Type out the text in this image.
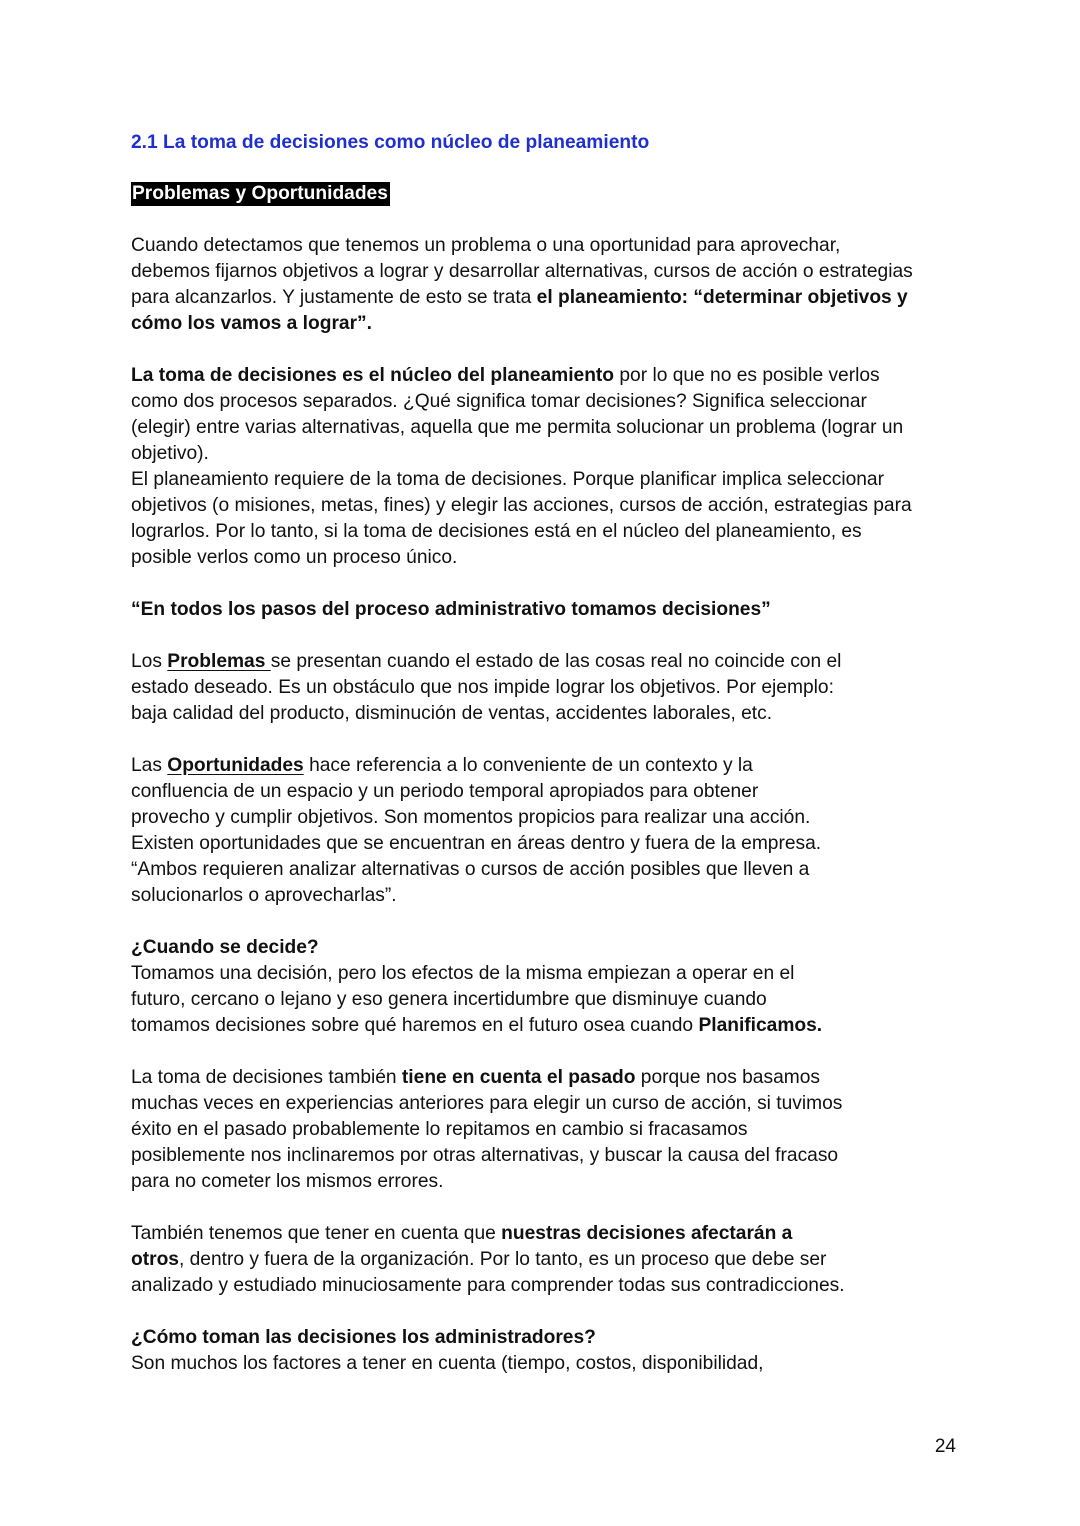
2.1 La toma de decisiones como núcleo de planeamiento
Problemas y Oportunidades

Cuando detectamos que tenemos un problema o una oportunidad para aprovechar,

debemos fijarnos objetivos a lograr y desarrollar alternativas, cursos de acción o estrategias

para alcanzarlos. Y justamente de esto se trata el planeamiento: “determinar objetivos y

cómo los vamos a lograr”.

La toma de decisiones es el núcleo del planeamiento por lo que no es posible verlos

como dos procesos separados. ¿Qué significa tomar decisiones? Significa seleccionar

(elegir) entre varias alternativas, aquella que me permita solucionar un problema (lograr un

objetivo).

El planeamiento requiere de la toma de decisiones. Porque planificar implica seleccionar

objetivos (o misiones, metas, fines) y elegir las acciones, cursos de acción, estrategias para

lograrlos. Por lo tanto, si la toma de decisiones está en el núcleo del planeamiento, es

posible verlos como un proceso único.

“En todos los pasos del proceso administrativo tomamos decisiones”

Los Problemas se presentan cuando el estado de las cosas real no coincide con el

estado deseado. Es un obstáculo que nos impide lograr los objetivos. Por ejemplo:

baja calidad del producto, disminución de ventas, accidentes laborales, etc.

Las Oportunidades hace referencia a lo conveniente de un contexto y la

confluencia de un espacio y un periodo temporal apropiados para obtener

provecho y cumplir objetivos. Son momentos propicios para realizar una acción.

Existen oportunidades que se encuentran en áreas dentro y fuera de la empresa.

“Ambos requieren analizar alternativas o cursos de acción posibles que lleven a

solucionarlos o aprovecharlas”.

¿Cuando se decide?

Tomamos una decisión, pero los efectos de la misma empiezan a operar en el

futuro, cercano o lejano y eso genera incertidumbre que disminuye cuando

tomamos decisiones sobre qué haremos en el futuro osea cuando Planificamos.

La toma de decisiones también tiene en cuenta el pasado porque nos basamos

muchas veces en experiencias anteriores para elegir un curso de acción, si tuvimos

éxito en el pasado probablemente lo repitamos en cambio si fracasamos

posiblemente nos inclinaremos por otras alternativas, y buscar la causa del fracaso

para no cometer los mismos errores.

También tenemos que tener en cuenta que nuestras decisiones afectarán a

otros, dentro y fuera de la organización. Por lo tanto, es un proceso que debe ser

analizado y estudiado minuciosamente para comprender todas sus contradicciones.

¿Cómo toman las decisiones los administradores?

Son muchos los factores a tener en cuenta (tiempo, costos, disponibilidad,

24
